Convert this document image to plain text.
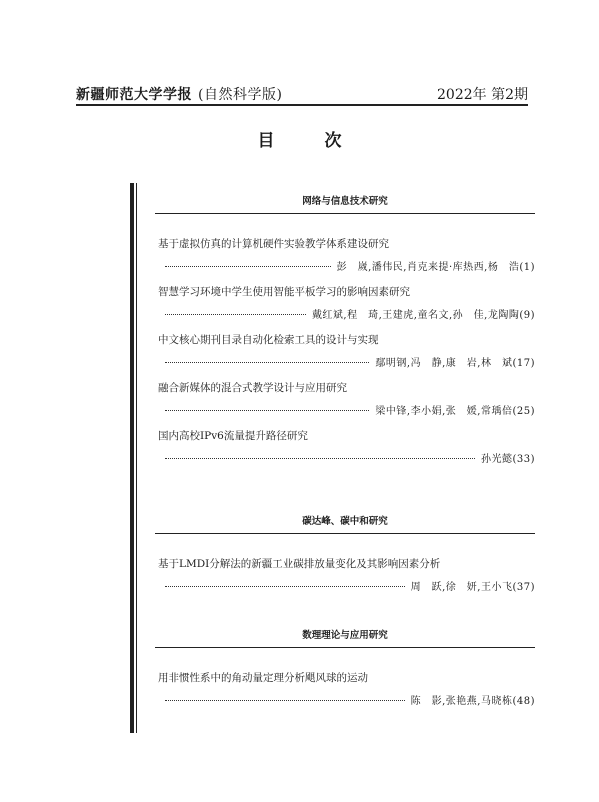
新疆师范大学学报 (自然科学版)	2022年 第2期
目 次
网络与信息技术研究
基于虚拟仿真的计算机硬件实验教学体系建设研究
彭　嵗,潘伟民,肖克来提·库热西,杨　浩(1)
智慧学习环境中学生使用智能平板学习的影响因素研究
戴红斌,程　琦,王建虎,童名文,孙　佳,龙陶陶(9)
中文核心期刊目录自动化检索工具的设计与实现
鄢明钢,冯　静,康　岩,林　斌(17)
融合新媒体的混合式教学设计与应用研究
梁中锋,李小娟,张　媛,常瑀倍(25)
国内高校IPv6流量提升路径研究
孙光懿(33)
碳达峰、碳中和研究
基于LMDI分解法的新疆工业碳排放量变化及其影响因素分析
周　跃,徐　妍,王小飞(37)
数理理论与应用研究
用非惯性系中的角动量定理分析飓风球的运动
陈　影,张艳燕,马晓栋(48)
